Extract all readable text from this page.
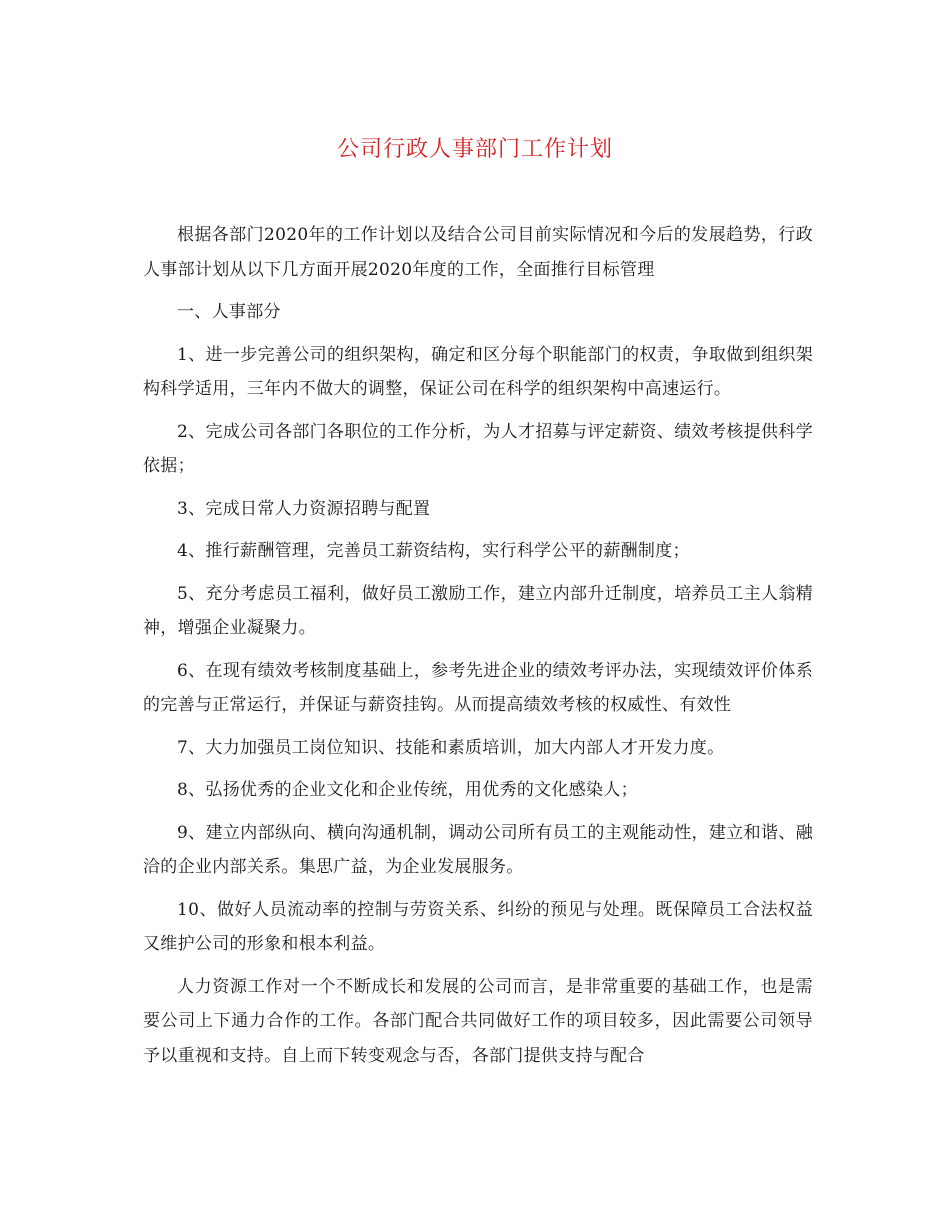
公司行政人事部门工作计划

根据各部门2020年的工作计划以及结合公司目前实际情况和今后的发展趋势，行政人事部计划从以下几方面开展2020年度的工作，全面推行目标管理

一、人事部分

1、进一步完善公司的组织架构，确定和区分每个职能部门的权责，争取做到组织架构科学适用，三年内不做大的调整，保证公司在科学的组织架构中高速运行。

2、完成公司各部门各职位的工作分析，为人才招募与评定薪资、绩效考核提供科学依据；

3、完成日常人力资源招聘与配置

4、推行薪酬管理，完善员工薪资结构，实行科学公平的薪酬制度；

5、充分考虑员工福利，做好员工激励工作，建立内部升迁制度，培养员工主人翁精神，增强企业凝聚力。

6、在现有绩效考核制度基础上，参考先进企业的绩效考评办法，实现绩效评价体系的完善与正常运行，并保证与薪资挂钩。从而提高绩效考核的权威性、有效性

7、大力加强员工岗位知识、技能和素质培训，加大内部人才开发力度。

8、弘扬优秀的企业文化和企业传统，用优秀的文化感染人；

9、建立内部纵向、横向沟通机制，调动公司所有员工的主观能动性，建立和谐、融洽的企业内部关系。集思广益，为企业发展服务。

10、做好人员流动率的控制与劳资关系、纠纷的预见与处理。既保障员工合法权益又维护公司的形象和根本利益。

人力资源工作对一个不断成长和发展的公司而言，是非常重要的基础工作，也是需要公司上下通力合作的工作。各部门配合共同做好工作的项目较多，因此需要公司领导予以重视和支持。自上而下转变观念与否，各部门提供支持与配合
